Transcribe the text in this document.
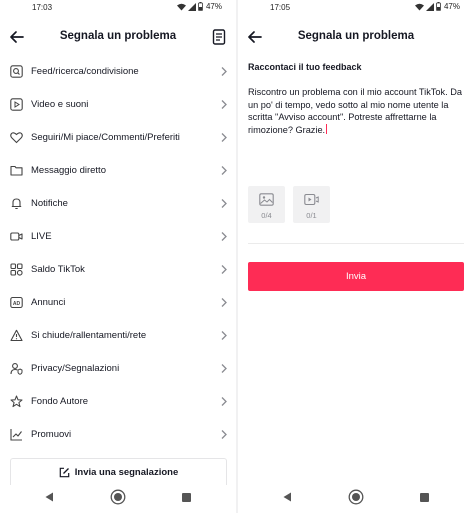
17:03	47%
Segnala un problema
Feed/ricerca/condivisione
Video e suoni
Seguiri/Mi piace/Commenti/Preferiti
Messaggio diretto
Notifiche
LIVE
Saldo TikTok
AD Annunci
Si chiude/rallentamenti/rete
Privacy/Segnalazioni
Fondo Autore
Promuovi
Invia una segnalazione
17:05	47%
Segnala un problema
Raccontaci il tuo feedback
Riscontro un problema con il mio account TikTok. Da un po' di tempo, vedo sotto al mio nome utente la scritta "Avviso account". Potreste affrettarne la rimozione? Grazie.
0/4	0/1
Invia
